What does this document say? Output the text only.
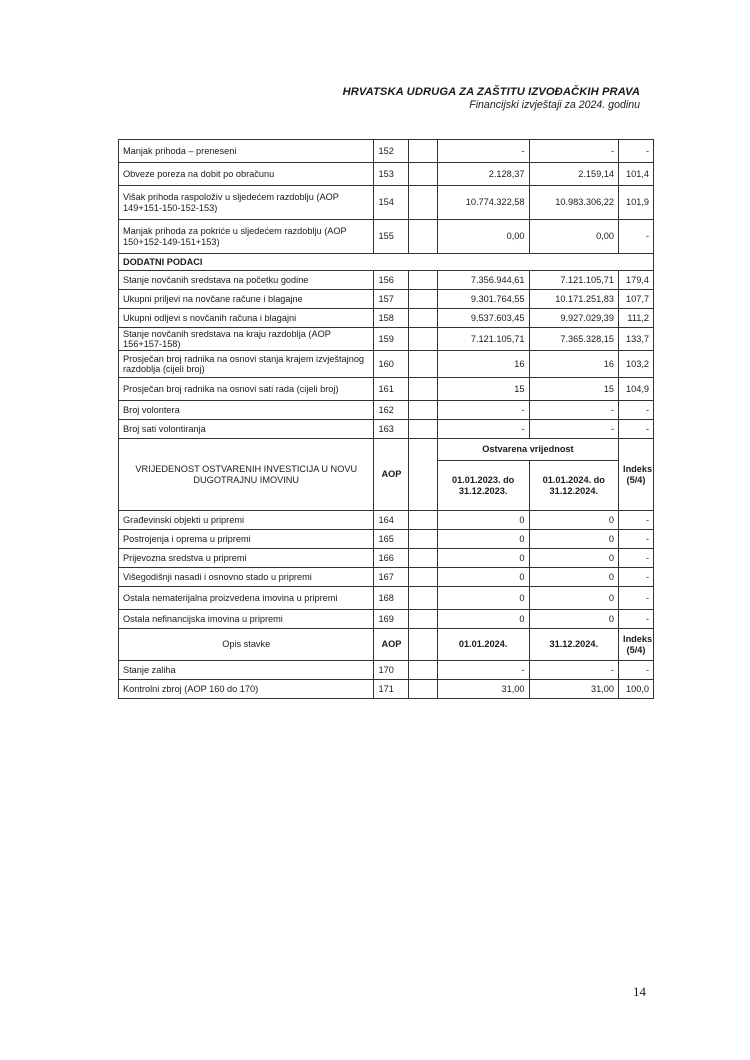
HRVATSKA UDRUGA ZA ZAŠTITU IZVOĐAČKIH PRAVA
Financijski izvještaji za 2024. godinu
Manjak prihoda – preneseni	152		-	-	-
Obveze poreza na dobit po obračunu	153		2.128,37	2.159,14	101,4
Višak prihoda raspoloživ u sljedećem razdoblju (AOP 149+151-150-152-153)	154		10.774.322,58	10.983.306,22	101,9
Manjak prihoda za pokriće u sljedećem razdoblju (AOP 150+152-149-151+153)	155		0,00	0,00	-
DODATNI PODACI					
Stanje novčanih sredstava na početku godine	156		7.356.944,61	7.121.105,71	179,4
Ukupni priljevi na novčane račune i blagajne	157		9.301.764,55	10.171.251,83	107,7
Ukupni odljevi s novčanih računa i blagajni	158		9.537.603,45	9.927.029,39	111,2
Stanje novčanih sredstava na kraju razdoblja (AOP 156+157-158)	159		7.121.105,71	7.365.328,15	133,7
Prosječan broj radnika na osnovi stanja krajem izvještajnog razdoblja (cijeli broj)	160		16	16	103,2
Prosječan broj radnika na osnovi sati rada (cijeli broj)	161		15	15	104,9
Broj volontera	162		-	-	-
Broj sati volontiranja	163		-	-	-
VRIJEDENOST OSTVARENIH INVESTICIJA U NOVU DUGOTRAJNU IMOVINU	AOP		Ostvarena vrijednost		Indeks (5/4)
			01.01.2023. do 31.12.2023.	01.01.2024. do 31.12.2024.	
Građevinski objekti u pripremi	164		0	0	-
Postrojenja i oprema u pripremi	165		0	0	-
Prijevozna sredstva u pripremi	166		0	0	-
Višegodišnji nasadi i osnovno stado u pripremi	167		0	0	-
Ostala nematerijalna proizvedena imovina u pripremi	168		0	0	-
Ostala nefinancijska imovina u pripremi	169		0	0	-
Opis stavke	AOP		01.01.2024.	31.12.2024.	Indeks (5/4)
Stanje zaliha	170		-	-	-
Kontrolni zbroj (AOP 160 do 170)	171		31,00	31,00	100,0
14
